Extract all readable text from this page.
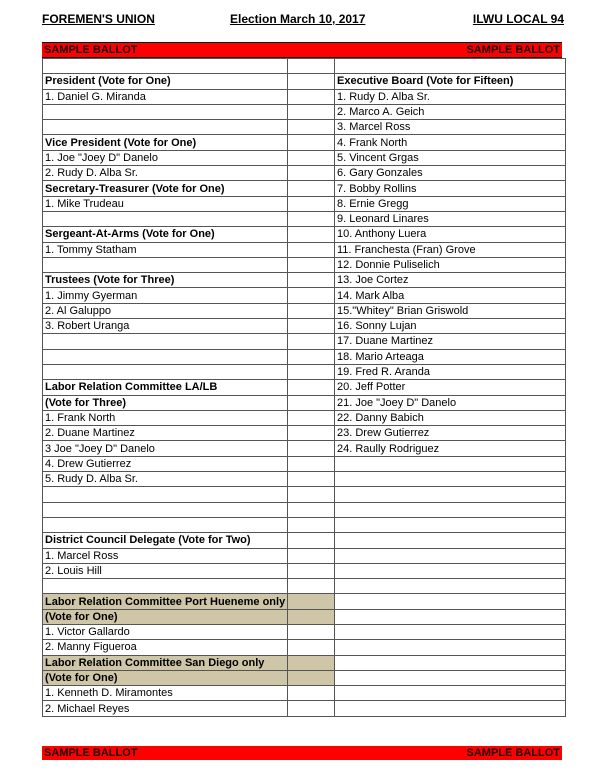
FOREMEN'S UNION	Election March 10, 2017	ILWU LOCAL 94
SAMPLE BALLOT	SAMPLE BALLOT

President (Vote for One)		Executive Board (Vote for Fifteen)
1. Daniel G. Miranda		1. Rudy D. Alba Sr.
		2. Marco A. Geich
		3. Marcel Ross
Vice President (Vote for One)		4. Frank North
1. Joe "Joey D" Danelo		5. Vincent Grgas
2. Rudy D. Alba Sr.		6. Gary Gonzales
Secretary-Treasurer (Vote for One)		7. Bobby Rollins
1. Mike Trudeau		8. Ernie Gregg
		9. Leonard Linares
Sergeant-At-Arms (Vote for One)		10. Anthony Luera
1. Tommy Statham		11. Franchesta (Fran) Grove
		12. Donnie Puliselich
Trustees (Vote for Three)		13. Joe Cortez
1. Jimmy Gyerman		14. Mark Alba
2. Al Galuppo		15."Whitey" Brian Griswold
3. Robert Uranga		16. Sonny Lujan
		17. Duane Martinez
		18. Mario Arteaga
		19. Fred R. Aranda
Labor Relation Committee LA/LB		20. Jeff Potter
(Vote for Three)		21. Joe "Joey D" Danelo
1. Frank North		22. Danny Babich
2. Duane Martinez		23. Drew Gutierrez
3 Joe "Joey D" Danelo		24. Raully Rodriguez
4. Drew Gutierrez		
5. Rudy D. Alba Sr.		

District Council Delegate (Vote for Two)		
1. Marcel Ross		
2. Louis Hill		

Labor Relation Committee Port Hueneme only		
(Vote for One)		
1. Victor Gallardo		
2. Manny Figueroa		
Labor Relation Committee San Diego only		
(Vote for One)		
1. Kenneth D. Miramontes		
2. Michael Reyes		
SAMPLE BALLOT	SAMPLE BALLOT
